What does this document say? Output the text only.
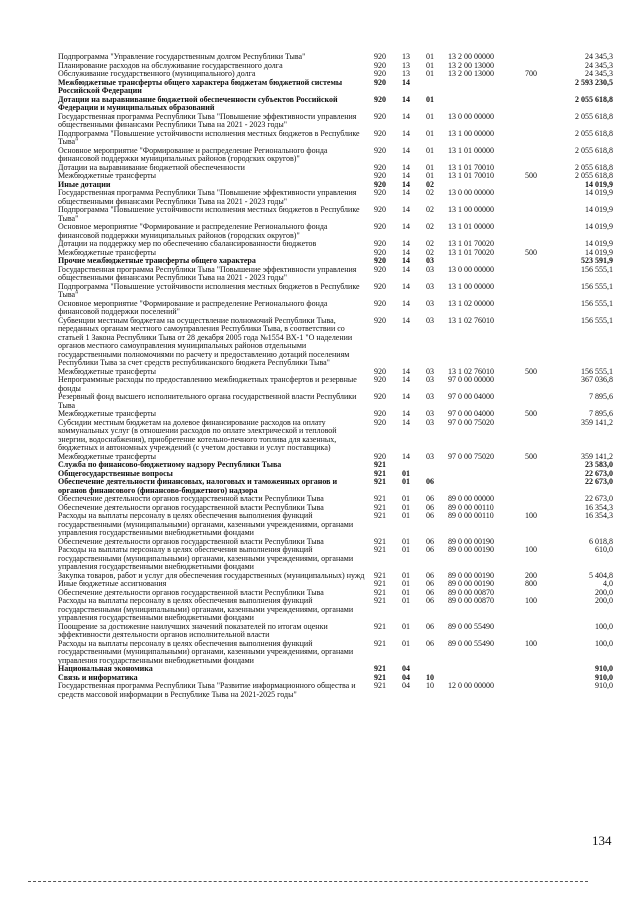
Подпрограмма "Управление государственным долгом Республики Тыва"	920	13	01	13 2 00 00000		24 345,3
Планирование расходов на обслуживание государственного долга	920	13	01	13 2 00 13000		24 345,3
Обслуживание государственного (муниципального) долга	920	13	01	13 2 00 13000	700	24 345,3
Межбюджетные трансферты общего характера бюджетам бюджетной системы Российской Федерации	920	14				2 593 230,5
Дотации на выравнивание бюджетной обеспеченности субъектов Российской Федерации и муниципальных образований	920	14	01			2 055 618,8
Государственная программа Республики Тыва "Повышение эффективности управления общественными финансами Республики Тыва на 2021 - 2023 годы"	920	14	01	13 0 00 00000		2 055 618,8
Подпрограмма "Повышение устойчивости исполнения местных бюджетов в Республике Тыва"	920	14	01	13 1 00 00000		2 055 618,8
Основное мероприятие "Формирование и распределение Регионального фонда финансовой поддержки муниципальных районов (городских округов)"	920	14	01	13 1 01 00000		2 055 618,8
Дотации на выравнивание бюджетной обеспеченности	920	14	01	13 1 01 70010		2 055 618,8
Межбюджетные трансферты	920	14	01	13 1 01 70010	500	2 055 618,8
Иные дотации	920	14	02			14 019,9
Государственная программа Республики Тыва "Повышение эффективности управления общественными финансами Республики Тыва на 2021 - 2023 годы"	920	14	02	13 0 00 00000		14 019,9
Подпрограмма "Повышение устойчивости исполнения местных бюджетов в Республике Тыва"	920	14	02	13 1 00 00000		14 019,9
Основное мероприятие "Формирование и распределение Регионального фонда финансовой поддержки муниципальных районов (городских округов)"	920	14	02	13 1 01 00000		14 019,9
Дотации на поддержку мер по обеспечению сбалансированности бюджетов	920	14	02	13 1 01 70020		14 019,9
Межбюджетные трансферты	920	14	02	13 1 01 70020	500	14 019,9
Прочие межбюджетные трансферты общего характера	920	14	03			523 591,9
Государственная программа Республики Тыва "Повышение эффективности управления общественными финансами Республики Тыва на 2021 - 2023 годы"	920	14	03	13 0 00 00000		156 555,1
Подпрограмма "Повышение устойчивости исполнения местных бюджетов в Республике Тыва"	920	14	03	13 1 00 00000		156 555,1
Основное мероприятие "Формирование и распределение Регионального фонда финансовой поддержки поселений"	920	14	03	13 1 02 00000		156 555,1
Субвенции местным бюджетам на осуществление полномочий Республики Тыва, переданных органам местного самоуправления Республики Тыва, в соответствии со статьей 1 Закона Республики Тыва от 28 декабря 2005 года №1554 ВХ-1 "О наделении органов местного самоуправления муниципальных районов отдельными государственными полномочиями по расчету и предоставлению дотаций поселениям Республики Тыва за счет средств республиканского бюджета Республики Тыва"	920	14	03	13 1 02 76010		156 555,1
Межбюджетные трансферты	920	14	03	13 1 02 76010	500	156 555,1
Непрограммные расходы по предоставлению межбюджетных трансфертов и резервные фонды	920	14	03	97 0 00 00000		367 036,8
Резервный фонд высшего исполнительного органа государственной власти Республики Тыва	920	14	03	97 0 00 04000		7 895,6
Межбюджетные трансферты	920	14	03	97 0 00 04000	500	7 895,6
Субсидии местным бюджетам на долевое финансирование расходов на оплату коммунальных услуг (в отношении расходов по оплате электрической и тепловой энергии, водоснабжения), приобретение котельно-печного топлива для казенных, бюджетных и автономных учреждений (с учетом доставки и услуг поставщика)	920	14	03	97 0 00 75020		359 141,2
Межбюджетные трансферты	920	14	03	97 0 00 75020	500	359 141,2
Служба по финансово-бюджетному надзору Республики Тыва	921					23 583,0
Общегосударственные вопросы	921	01				22 673,0
Обеспечение деятельности финансовых, налоговых и таможенных органов и органов финансового (финансово-бюджетного) надзора	921	01	06			22 673,0
Обеспечение деятельности органов государственной власти Республики Тыва	921	01	06	89 0 00 00000		22 673,0
Обеспечение деятельности органов государственной власти Республики Тыва	921	01	06	89 0 00 00110		16 354,3
Расходы на выплаты персоналу в целях обеспечения выполнения функций государственными (муниципальными) органами, казенными учреждениями, органами управления государственными внебюджетными фондами	921	01	06	89 0 00 00110	100	16 354,3
Обеспечение деятельности органов государственной власти Республики Тыва	921	01	06	89 0 00 00190		6 018,8
Расходы на выплаты персоналу в целях обеспечения выполнения функций государственными (муниципальными) органами, казенными учреждениями, органами управления государственными внебюджетными фондами	921	01	06	89 0 00 00190	100	610,0
Закупка товаров, работ и услуг для обеспечения государственных (муниципальных) нужд	921	01	06	89 0 00 00190	200	5 404,8
Иные бюджетные ассигнования	921	01	06	89 0 00 00190	800	4,0
Обеспечение деятельности органов государственной власти Республики Тыва	921	01	06	89 0 00 00870		200,0
Расходы на выплаты персоналу в целях обеспечения выполнения функций государственными (муниципальными) органами, казенными учреждениями, органами управления государственными внебюджетными фондами	921	01	06	89 0 00 00870	100	200,0
Поощрение за достижение наилучших значений показателей по итогам оценки эффективности деятельности органов исполнительной власти	921	01	06	89 0 00 55490		100,0
Расходы на выплаты персоналу в целях обеспечения выполнения функций государственными (муниципальными) органами, казенными учреждениями, органами управления государственными внебюджетными фондами	921	01	06	89 0 00 55490	100	100,0
Национальная экономика	921	04				910,0
Связь и информатика	921	04	10			910,0
Государственная программа Республики Тыва "Развитие информационного общества и средств массовой информации в Республике Тыва на 2021-2025 годы"	921	04	10	12 0 00 00000		910,0
134
